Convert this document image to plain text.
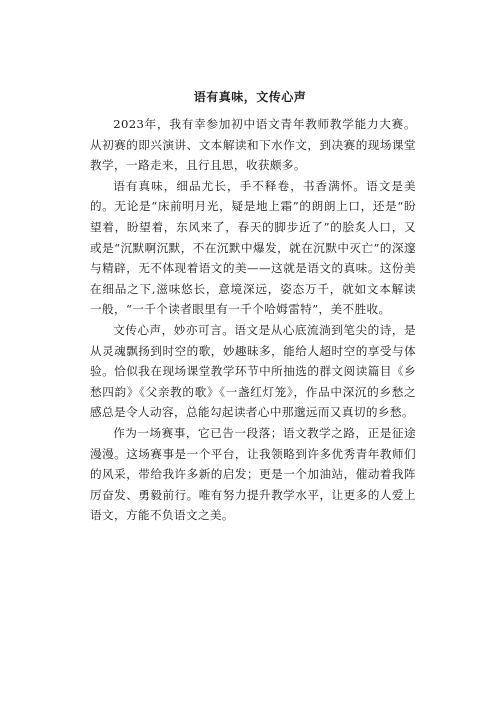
语有真味，文传心声

2023年，我有幸参加初中语文青年教师教学能力大赛。从初赛的即兴演讲、文本解读和下水作文，到决赛的现场课堂教学，一路走来，且行且思，收获颇多。

语有真味，细品尤长，手不释卷，书香满怀。语文是美的。无论是“床前明月光，疑是地上霜”的朗朗上口，还是“盼望着，盼望着，东风来了，春天的脚步近了”的脍炙人口，又或是“沉默啊沉默，不在沉默中爆发，就在沉默中灭亡”的深邃与精辟，无不体现着语文的美——这就是语文的真味。这份美在细品之下,滋味悠长，意境深远，姿态万千，就如文本解读一般，“一千个读者眼里有一千个哈姆雷特”，美不胜收。

文传心声，妙亦可言。语文是从心底流淌到笔尖的诗，是从灵魂飘扬到时空的歌，妙趣昧多，能给人超时空的享受与体验。恰似我在现场课堂教学环节中所抽选的群文阅读篇目《乡愁四韵》《父亲教的歌》《一盏红灯笼》，作品中深沉的乡愁之感总是令人动容，总能勾起读者心中那邈远而又真切的乡愁。

作为一场赛事，它已告一段落；语文教学之路，正是征途漫漫。这场赛事是一个平台，让我领略到许多优秀青年教师们的风采，带给我许多新的启发；更是一个加油站，催动着我阵厉奋发、勇毅前行。唯有努力提升教学水平，让更多的人爱上语文，方能不负语文之美。
